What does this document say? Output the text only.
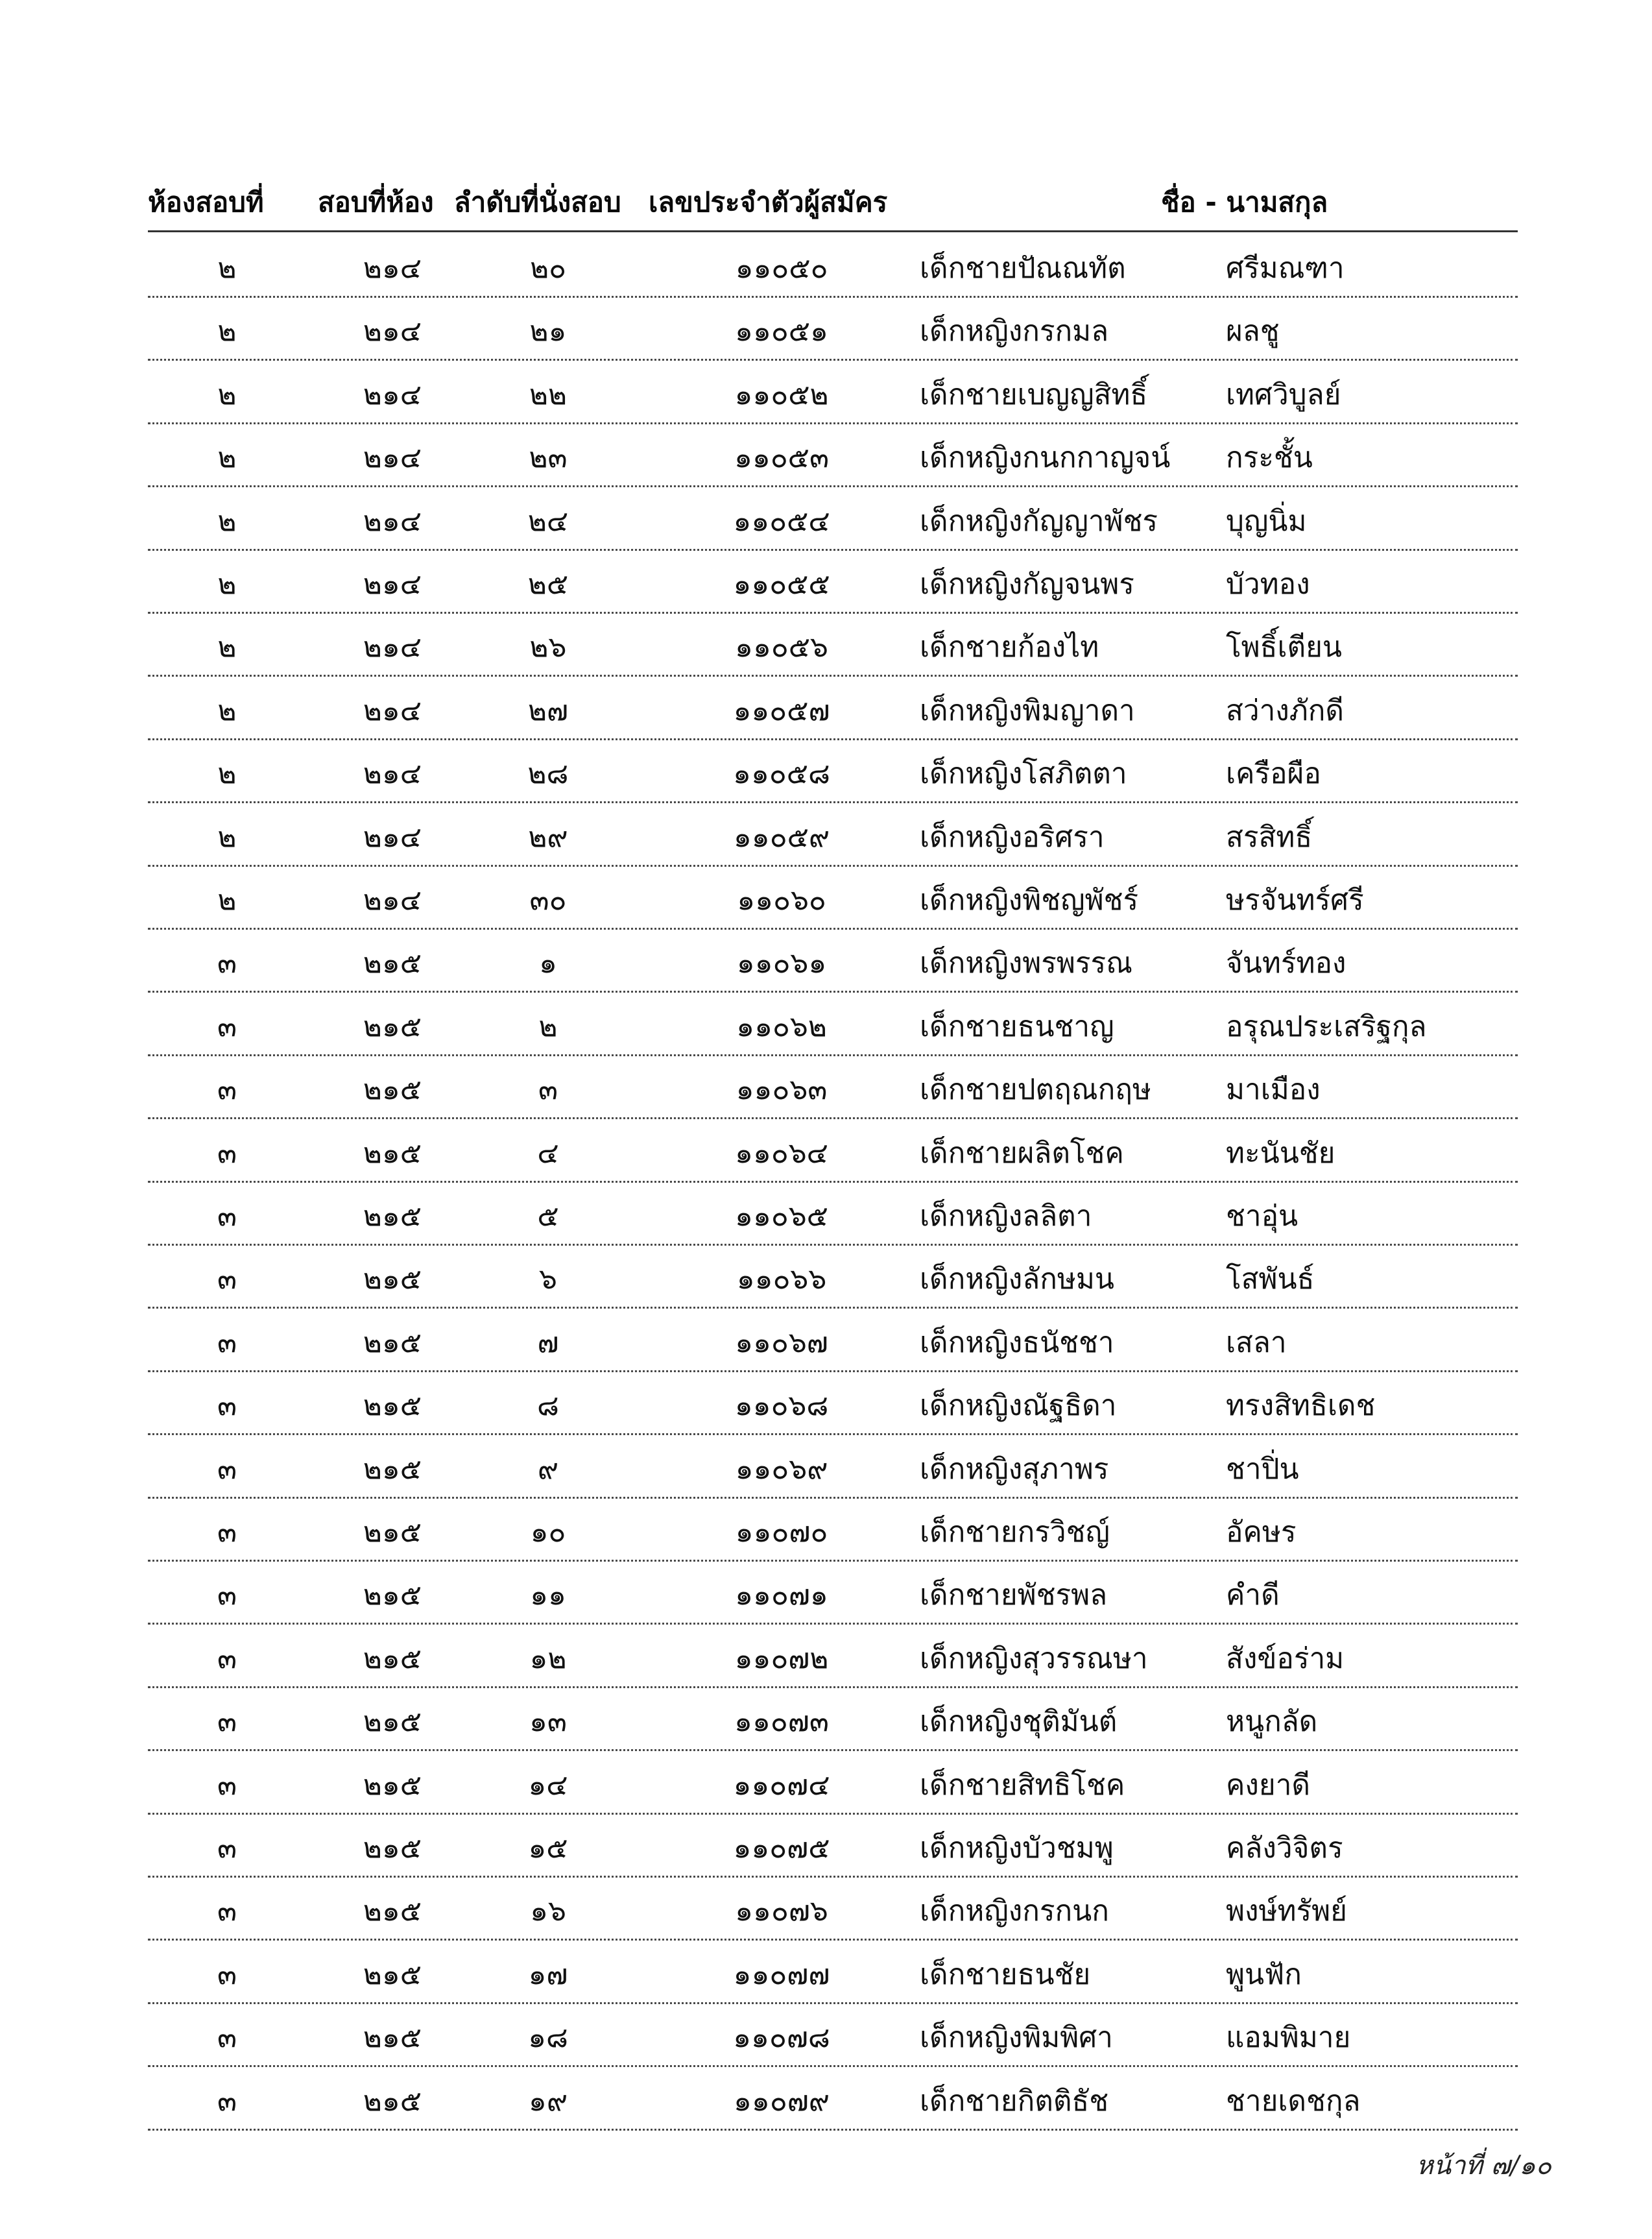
ห้องสอบที่ สอบที่ห้อง ลำดับที่นั่งสอบ เลขประจำตัวผู้สมัคร	ชื่อ - นามสกุล
๒	๒๑๔	๒๐	๑๑๐๕๐	เด็กชายปัณณทัต	ศรีมณฑา
๒	๒๑๔	๒๑	๑๑๐๕๑	เด็กหญิงกรกมล	ผลชู
๒	๒๑๔	๒๒	๑๑๐๕๒	เด็กชายเบญญสิทธิ์	เทศวิบูลย์
๒	๒๑๔	๒๓	๑๑๐๕๓	เด็กหญิงกนกกาญจน์	กระชั้น
๒	๒๑๔	๒๔	๑๑๐๕๔	เด็กหญิงกัญญาพัชร	บุญนิ่ม
๒	๒๑๔	๒๕	๑๑๐๕๕	เด็กหญิงกัญจนพร	บัวทอง
๒	๒๑๔	๒๖	๑๑๐๕๖	เด็กชายก้องไท	โพธิ์เตียน
๒	๒๑๔	๒๗	๑๑๐๕๗	เด็กหญิงพิมญาดา	สว่างภักดี
๒	๒๑๔	๒๘	๑๑๐๕๘	เด็กหญิงโสภิตตา	เครือผือ
๒	๒๑๔	๒๙	๑๑๐๕๙	เด็กหญิงอริศรา	สรสิทธิ์
๒	๒๑๔	๓๐	๑๑๐๖๐	เด็กหญิงพิชญพัชร์	ษรจันทร์ศรี
๓	๒๑๕	๑	๑๑๐๖๑	เด็กหญิงพรพรรณ	จันทร์ทอง
๓	๒๑๕	๒	๑๑๐๖๒	เด็กชายธนชาญ	อรุณประเสริฐกุล
๓	๒๑๕	๓	๑๑๐๖๓	เด็กชายปตฤณกฤษ	มาเมือง
๓	๒๑๕	๔	๑๑๐๖๔	เด็กชายผลิตโชค	ทะนันชัย
๓	๒๑๕	๕	๑๑๐๖๕	เด็กหญิงลลิตา	ชาอุ่น
๓	๒๑๕	๖	๑๑๐๖๖	เด็กหญิงลักษมน	โสพันธ์
๓	๒๑๕	๗	๑๑๐๖๗	เด็กหญิงธนัชชา	เสลา
๓	๒๑๕	๘	๑๑๐๖๘	เด็กหญิงณัฐธิดา	ทรงสิทธิเดช
๓	๒๑๕	๙	๑๑๐๖๙	เด็กหญิงสุภาพร	ชาปิ่น
๓	๒๑๕	๑๐	๑๑๐๗๐	เด็กชายกรวิชญ์	อัคษร
๓	๒๑๕	๑๑	๑๑๐๗๑	เด็กชายพัชรพล	คำดี
๓	๒๑๕	๑๒	๑๑๐๗๒	เด็กหญิงสุวรรณษา	สังข์อร่าม
๓	๒๑๕	๑๓	๑๑๐๗๓	เด็กหญิงชุติมันต์	หนูกลัด
๓	๒๑๕	๑๔	๑๑๐๗๔	เด็กชายสิทธิโชค	คงยาดี
๓	๒๑๕	๑๕	๑๑๐๗๕	เด็กหญิงบัวชมพู	คลังวิจิตร
๓	๒๑๕	๑๖	๑๑๐๗๖	เด็กหญิงกรกนก	พงษ์ทรัพย์
๓	๒๑๕	๑๗	๑๑๐๗๗	เด็กชายธนชัย	พูนฟัก
๓	๒๑๕	๑๘	๑๑๐๗๘	เด็กหญิงพิมพิศา	แอมพิมาย
๓	๒๑๕	๑๙	๑๑๐๗๙	เด็กชายกิตติธัช	ชายเดชกุล
หน้าที่ ๗/๑๐
